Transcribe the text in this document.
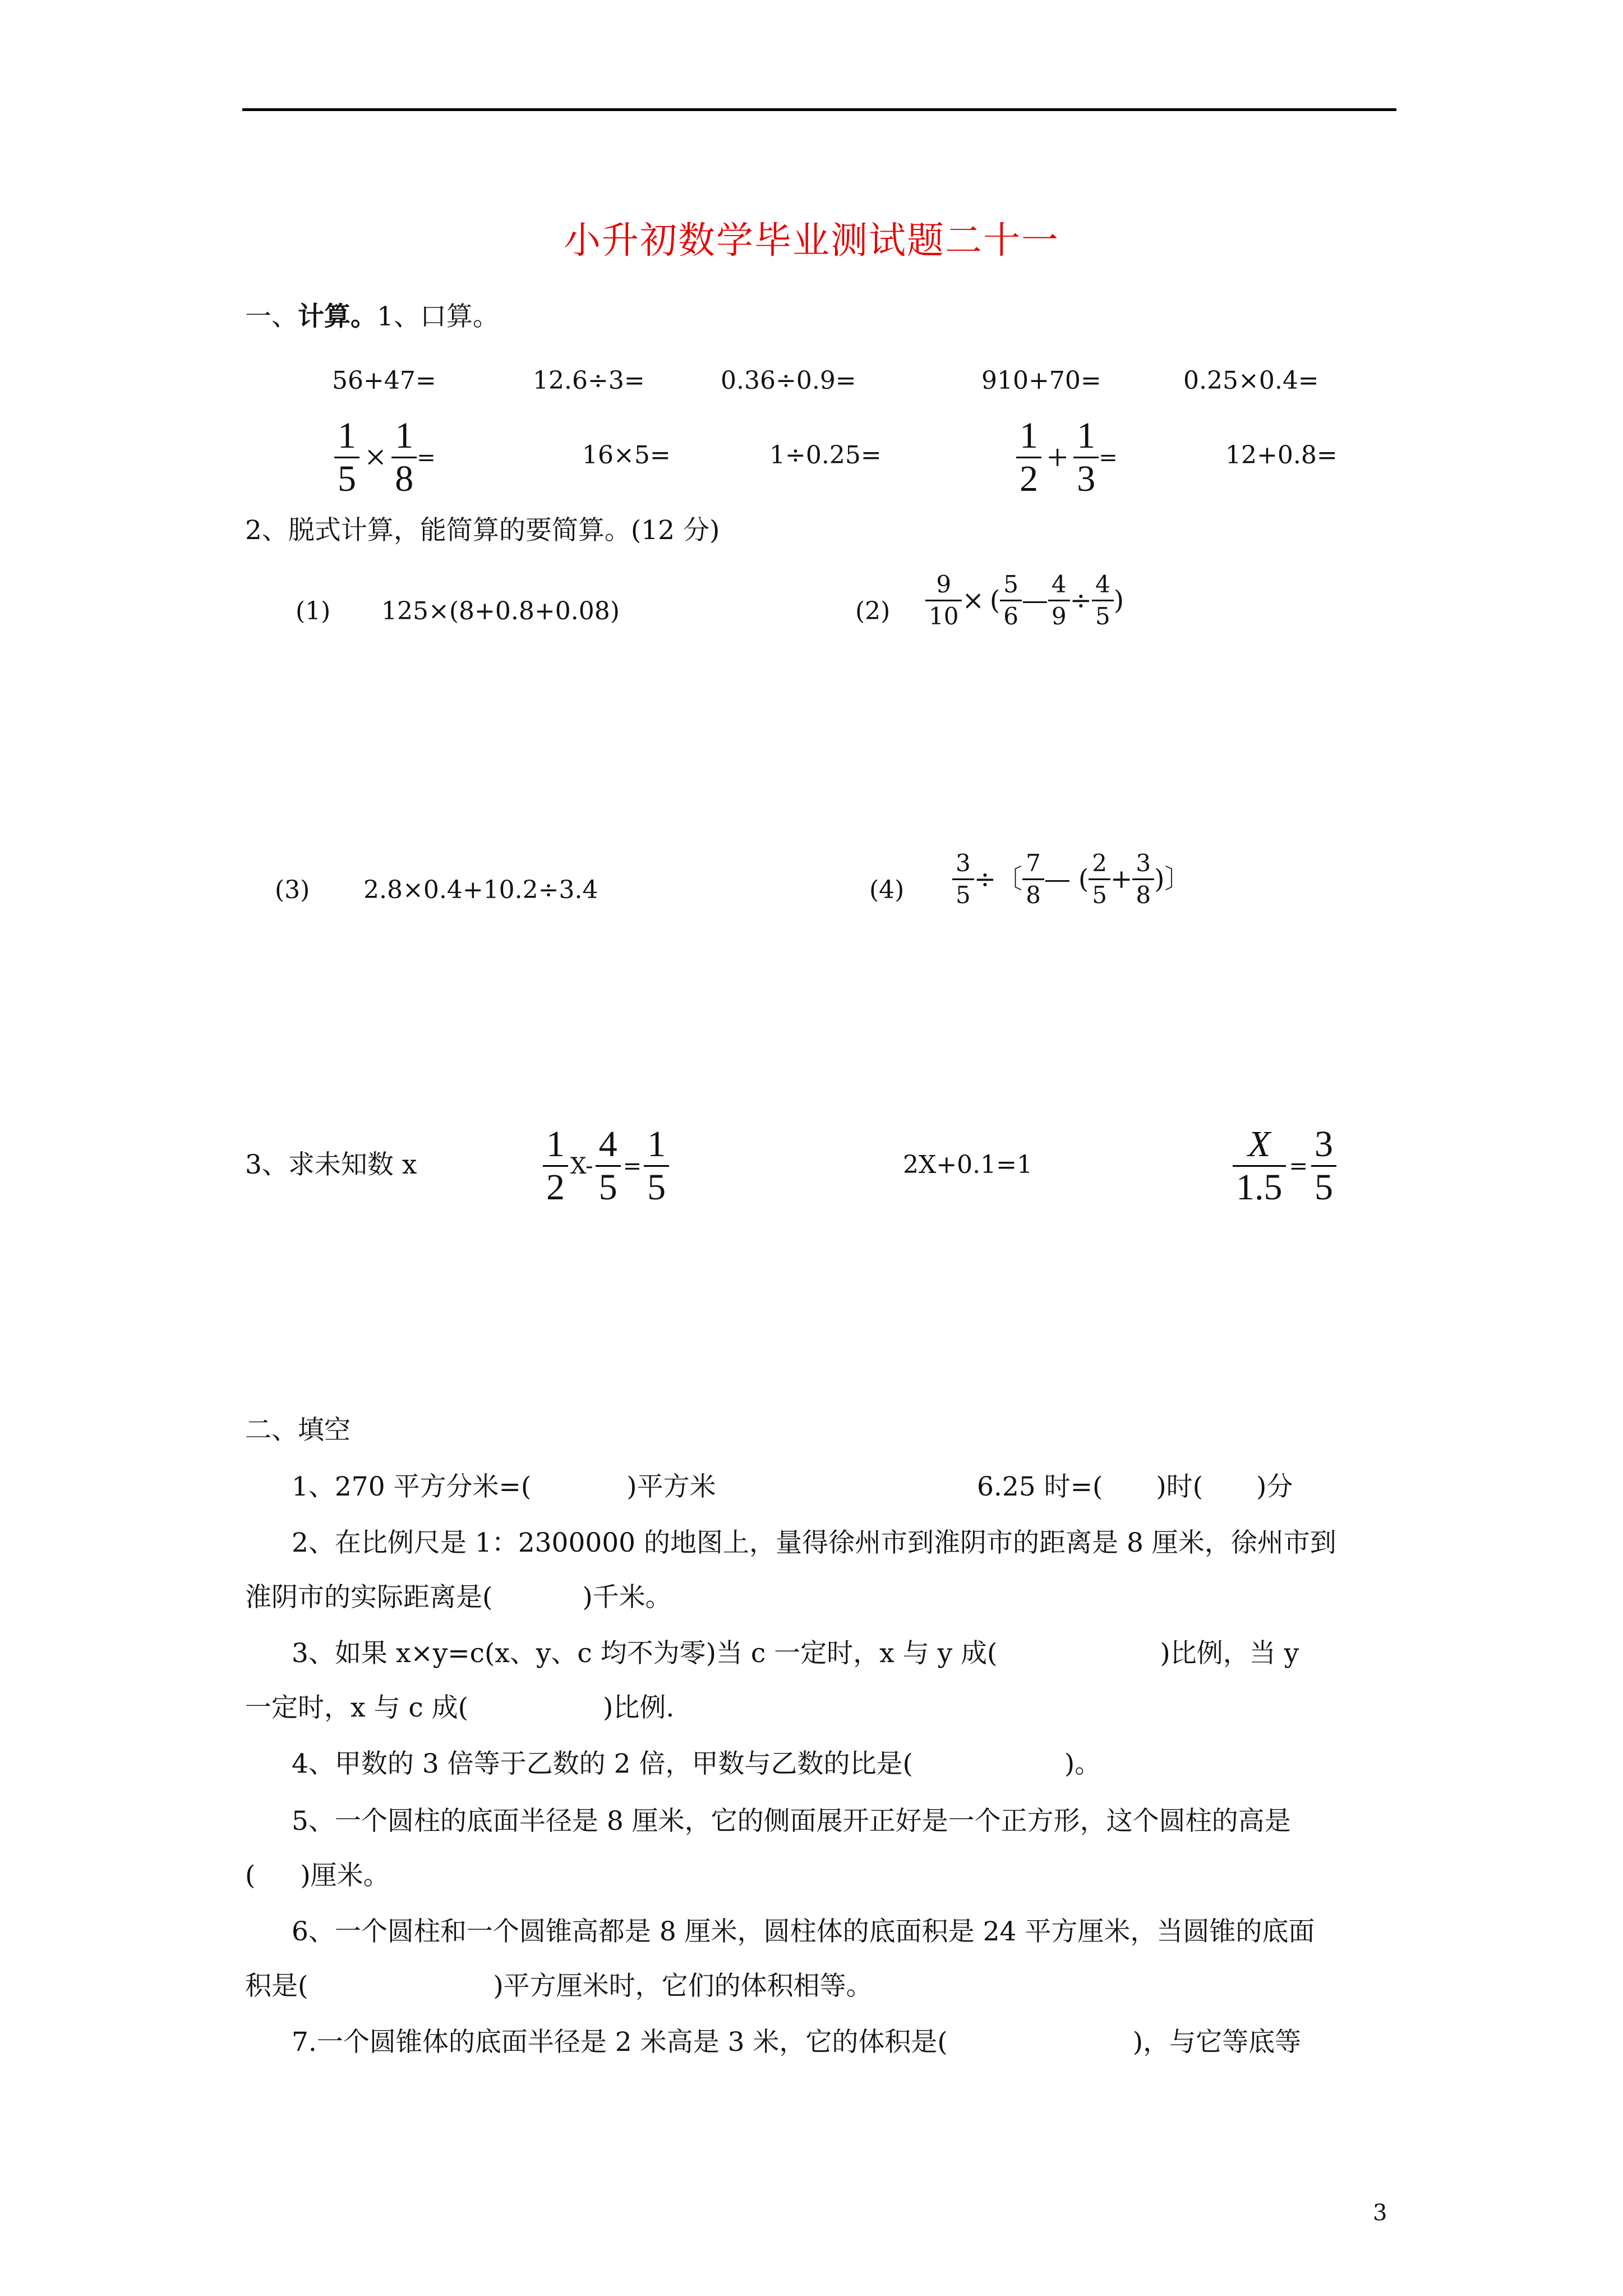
小升初数学毕业测试题二十一
一、计算。1、口算。
56+47=	12.6÷3=	0.36÷0.9=	910+70=	0.25×0.4=
$\frac{1}{5} \times \frac{1}{8}$ =	16×5=	1÷0.25=	$\frac{1}{2} + \frac{1}{3}$ =	12+0.8=
2、脱式计算，能简算的要简算。(12 分)
(1) 125×(8+0.8+0.08)	$(2) \frac{9}{10}$ × ( $\frac{5}{6}$ — $\frac{4}{9} \div \frac{4}{5}$ )
(3) 2.8×0.4+10.2÷3.4	$(4) \frac{3}{5}$ ÷ 〔 $\frac{7}{8}$ — ( $\frac{2}{5} + \frac{3}{8}$ )〕
3、求未知数 x	$\frac{1}{2} X- \frac{4}{5} = \frac{1}{5}$	2X+0.1=1	$\frac{X}{1.5} = \frac{3}{5}$
二、填空
1、270 平方分米=(	)平方米	6.25 时=( )时( )分
2、在比例尺是 1：2300000 的地图上，量得徐州市到淮阴市的距离是 8 厘米，徐州市到
淮阴市的实际距离是(	)千米。
3、如果 x×y=c(x、y、c 均不为零)当 c 一定时，x 与 y 成(	)比例，当 y
一定时，x 与 c 成(	)比例.
4、甲数的 3 倍等于乙数的 2 倍，甲数与乙数的比是(	)。
5、一个圆柱的底面半径是 8 厘米，它的侧面展开正好是一个正方形，这个圆柱的高是
( )厘米。
6、一个圆柱和一个圆锥高都是 8 厘米，圆柱体的底面积是 24 平方厘米，当圆锥的底面
积是(	)平方厘米时，它们的体积相等。
7.一个圆锥体的底面半径是 2 米高是 3 米，它的体积是(	)，与它等底等
3
